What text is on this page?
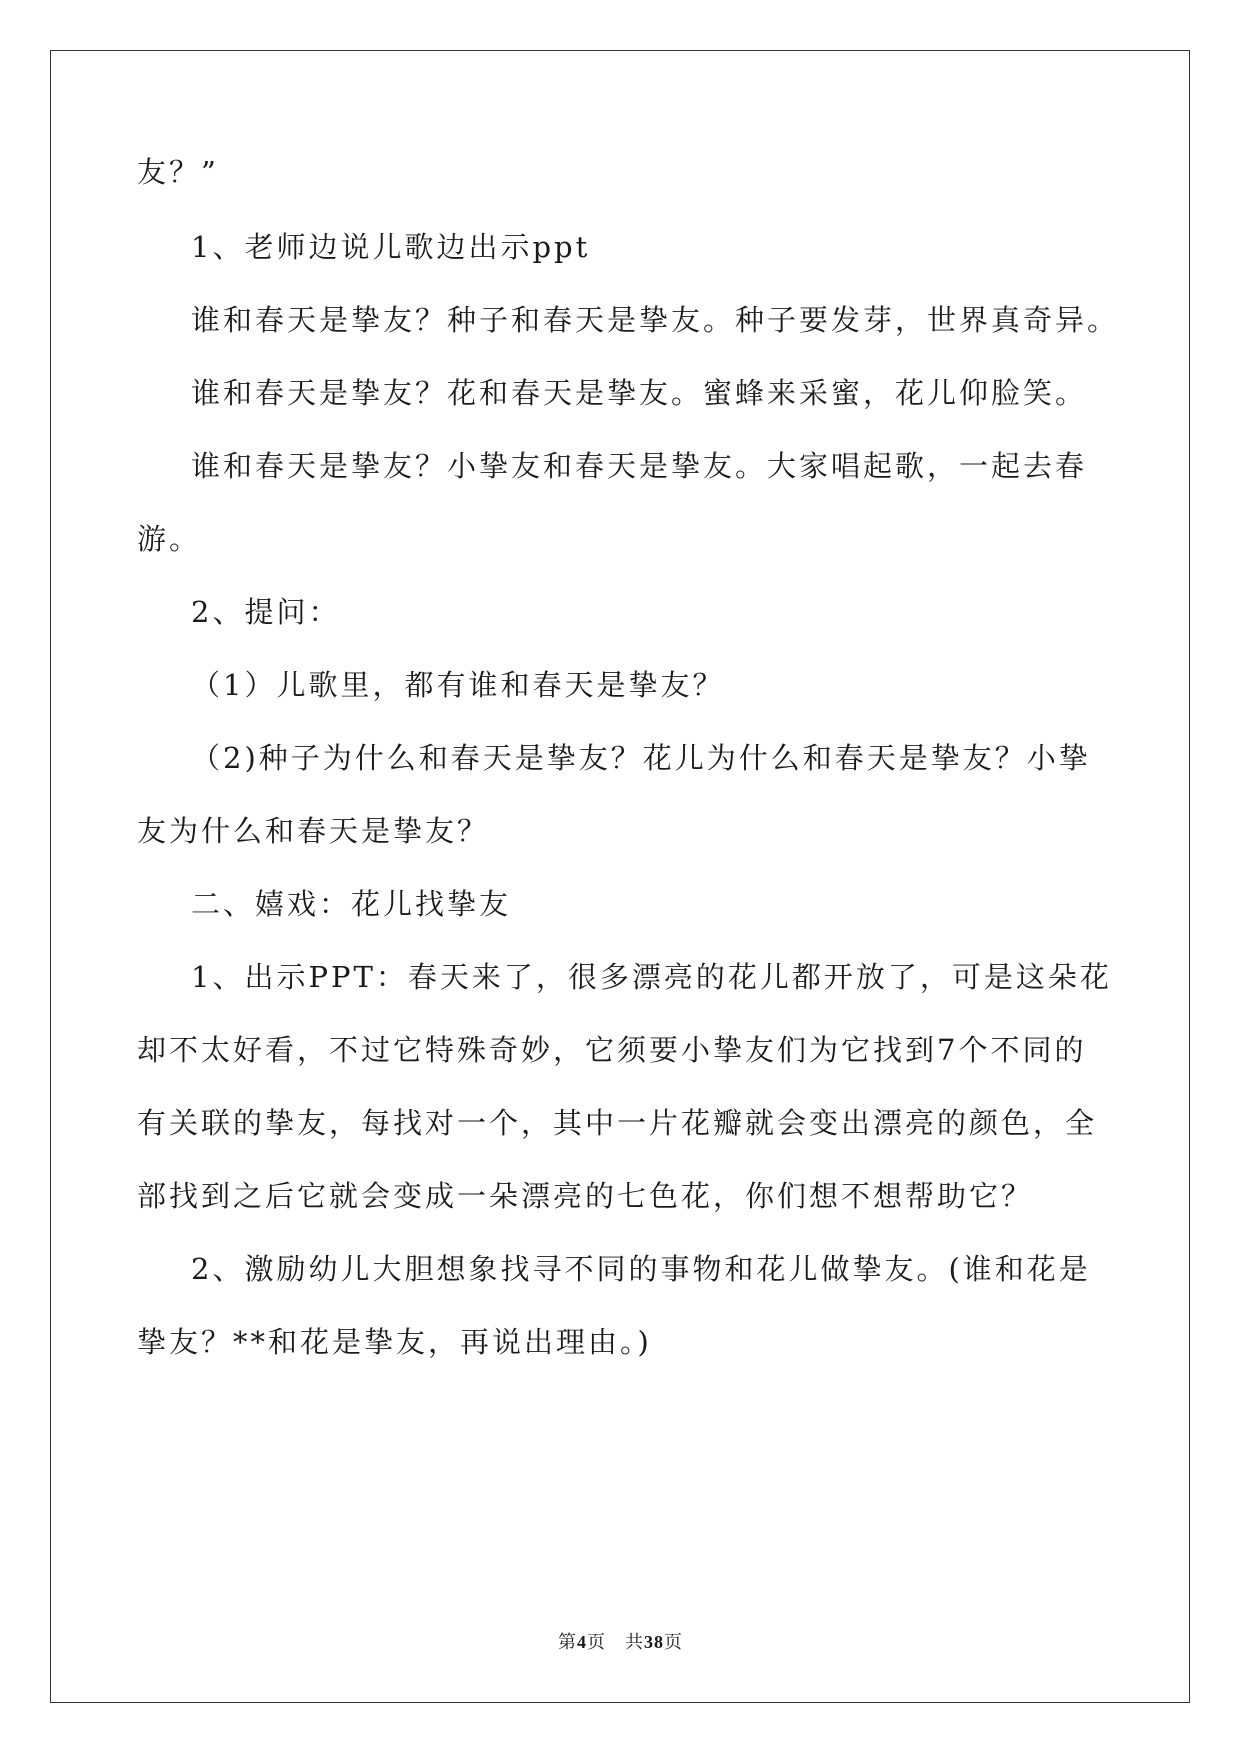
友？”

1、老师边说儿歌边出示ppt

谁和春天是挚友？种子和春天是挚友。种子要发芽，世界真奇异。

谁和春天是挚友？花和春天是挚友。蜜蜂来采蜜，花儿仰脸笑。

谁和春天是挚友？小挚友和春天是挚友。大家唱起歌，一起去春

游。

2、提问：

（1）儿歌里，都有谁和春天是挚友？

（2)种子为什么和春天是挚友？花儿为什么和春天是挚友？小挚

友为什么和春天是挚友？

二、嬉戏：花儿找挚友

1、出示PPT：春天来了，很多漂亮的花儿都开放了，可是这朵花

却不太好看，不过它特殊奇妙，它须要小挚友们为它找到7个不同的

有关联的挚友，每找对一个，其中一片花瓣就会变出漂亮的颜色，全

部找到之后它就会变成一朵漂亮的七色花，你们想不想帮助它？

2、激励幼儿大胆想象找寻不同的事物和花儿做挚友。(谁和花是

挚友？**和花是挚友，再说出理由。)

第4页　共38页
